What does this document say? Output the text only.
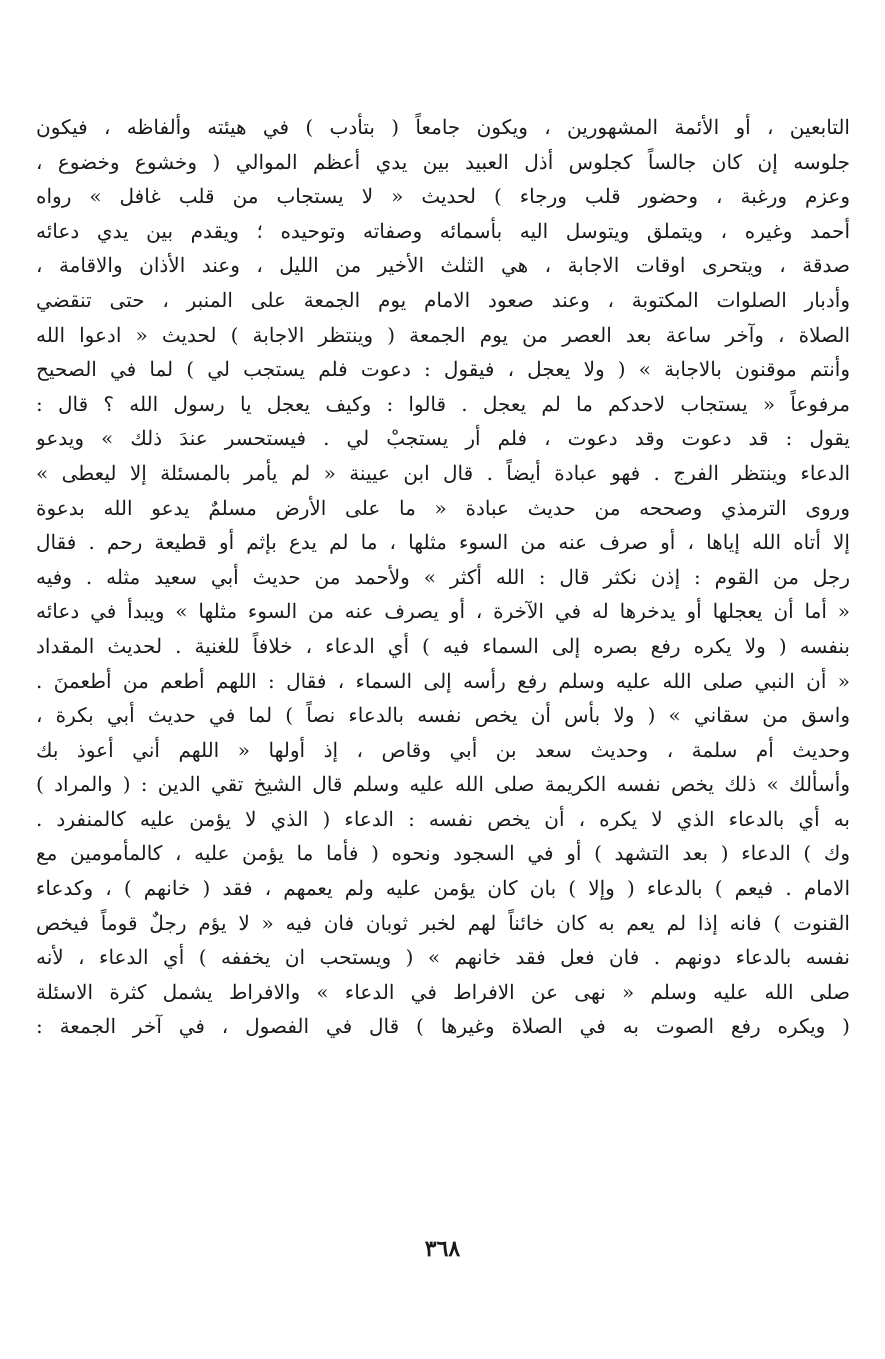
التابعين ، أو الأئمة المشهورين ، ويكون جامعاً ( بتأدب ) في هيئته وألفاظه ، فيكون
جلوسه إن كان جالساً كجلوس أذل العبيد بين يدي أعظم الموالي ( وخشوع وخضوع ،
وعزم ورغبة ، وحضور قلب ورجاء ) لحديث « لا يستجاب من قلب غافل » رواه
أحمد وغيره ، ويتملق ويتوسل اليه بأسمائه وصفاته وتوحيده ؛ ويقدم بين يدي دعائه
صدقة ، ويتحرى اوقات الاجابة ، هي الثلث الأخير من الليل ، وعند الأذان والاقامة ،
وأدبار الصلوات المكتوبة ، وعند صعود الامام يوم الجمعة على المنبر ، حتى تنقضي
الصلاة ، وآخر ساعة بعد العصر من يوم الجمعة ( وينتظر الاجابة ) لحديث « ادعوا الله
وأنتم موقنون بالاجابة » ( ولا يعجل ، فيقول : دعوت فلم يستجب لي ) لما في الصحيح
مرفوعاً « يستجاب لاحدكم ما لم يعجل . قالوا : وكيف يعجل يا رسول الله ؟ قال :
يقول : قد دعوت وقد دعوت ، فلم أر يستجبْ لي . فيستحسر عندَ ذلك » ويدعو
الدعاء وينتظر الفرج . فهو عبادة أيضاً . قال ابن عيينة « لم يأمر بالمسئلة إلا ليعطى »
وروى الترمذي وصححه من حديث عبادة « ما على الأرض مسلمٌ يدعو الله بدعوة
إلا أتاه الله إياها ، أو صرف عنه من السوء مثلها ، ما لم يدع بإثم أو قطيعة رحم . فقال
رجل من القوم : إذن نكثر قال : الله أكثر » ولأحمد من حديث أبي سعيد مثله . وفيه
« أما أن يعجلها أو يدخرها له في الآخرة ، أو يصرف عنه من السوء مثلها » ويبدأ في دعائه
بنفسه ( ولا يكره رفع بصره إلى السماء فيه ) أي الدعاء ، خلافاً للغنية . لحديث المقداد
« أن النبي صلى الله عليه وسلم رفع رأسه إلى السماء ، فقال : اللهم أطعم من أطعمنَ .
واسق من سقاني » ( ولا بأس أن يخص نفسه بالدعاء نصاً ) لما في حديث أبي بكرة ،
وحديث أم سلمة ، وحديث سعد بن أبي وقاص ، إذ أولها « اللهم أني أعوذ بك
وأسألك » ذلك يخص نفسه الكريمة صلى الله عليه وسلم قال الشيخ تقي الدين : ( والمراد )
به أي بالدعاء الذي لا يكره ، أن يخص نفسه : الدعاء ( الذي لا يؤمن عليه كالمنفرد .
وك ) الدعاء ( بعد التشهد ) أو في السجود ونحوه ( فأما ما يؤمن عليه ، كالمأمومين مع
الامام . فيعم ) بالدعاء ( وإلا ) بان كان يؤمن عليه ولم يعمهم ، فقد ( خانهم ) ، وكدعاء
القنوت ) فانه إذا لم يعم به كان خائناً لهم لخبر ثوبان فان فيه « لا يؤم رجلٌ قوماً فيخص
نفسه بالدعاء دونهم . فان فعل فقد خانهم » ( ويستحب ان يخففه ) أي الدعاء ، لأنه
صلى الله عليه وسلم « نهى عن الافراط في الدعاء » والافراط يشمل كثرة الاسئلة
( ويكره رفع الصوت به في الصلاة وغيرها ) قال في الفصول ، في آخر الجمعة :
٣٦٨
